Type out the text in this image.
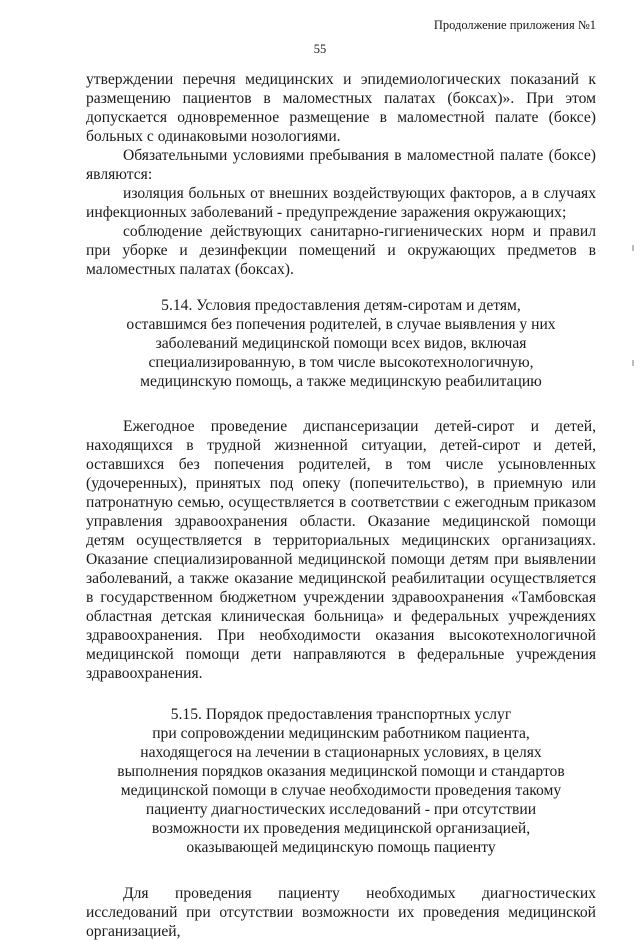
Продолжение приложения №1
55

утверждении перечня медицинских и эпидемиологических показаний к размещению пациентов в маломестных палатах (боксах)». При этом допускается одновременное размещение в маломестной палате (боксе) больных с одинаковыми нозологиями.

Обязательными условиями пребывания в маломестной палате (боксе) являются:

изоляция больных от внешних воздействующих факторов, а в случаях инфекционных заболеваний - предупреждение заражения окружающих;

соблюдение действующих санитарно-гигиенических норм и правил при уборке и дезинфекции помещений и окружающих предметов в маломестных палатах (боксах).

5.14. Условия предоставления детям-сиротам и детям,

оставшимся без попечения родителей, в случае выявления у них

заболеваний медицинской помощи всех видов, включая

специализированную, в том числе высокотехнологичную,

медицинскую помощь, а также медицинскую реабилитацию

Ежегодное проведение диспансеризации детей-сирот и детей, находящихся в трудной жизненной ситуации, детей-сирот и детей, оставшихся без попечения родителей, в том числе усыновленных (удочеренных), принятых под опеку (попечительство), в приемную или патронатную семью, осуществляется в соответствии с ежегодным приказом управления здравоохранения области. Оказание медицинской помощи детям осуществляется в территориальных медицинских организациях. Оказание специализированной медицинской помощи детям при выявлении заболеваний, а также оказание медицинской реабилитации осуществляется в государственном бюджетном учреждении здравоохранения «Тамбовская областная детская клиническая больница» и федеральных учреждениях здравоохранения. При необходимости оказания высокотехнологичной медицинской помощи дети направляются в федеральные учреждения здравоохранения.

5.15. Порядок предоставления транспортных услуг

при сопровождении медицинским работником пациента,

находящегося на лечении в стационарных условиях, в целях

выполнения порядков оказания медицинской помощи и стандартов

медицинской помощи в случае необходимости проведения такому

пациенту диагностических исследований - при отсутствии

возможности их проведения медицинской организацией,

оказывающей медицинскую помощь пациенту

Для проведения пациенту необходимых диагностических исследований при отсутствии возможности их проведения медицинской организацией,
